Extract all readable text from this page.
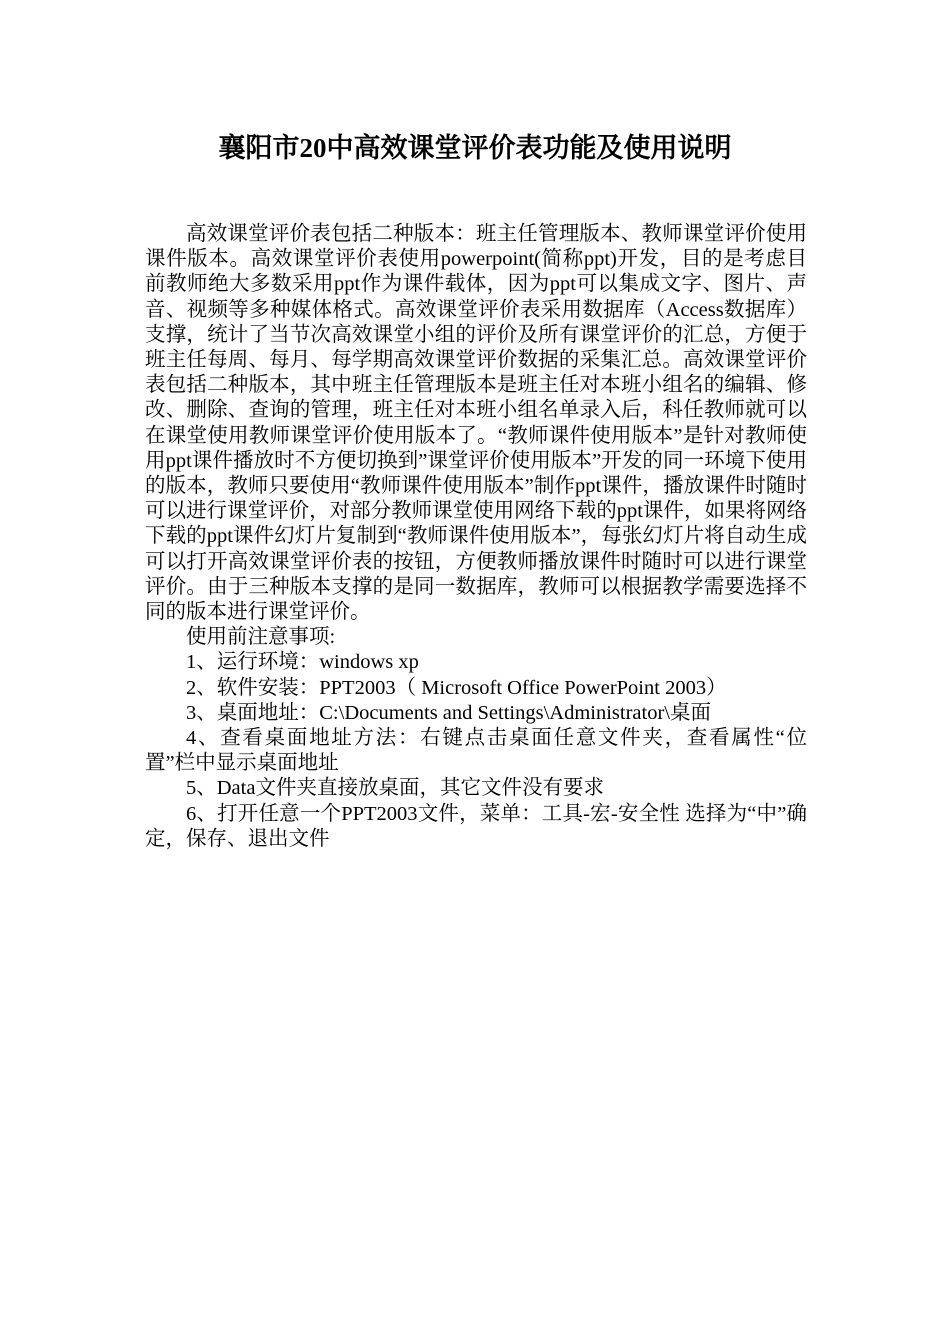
襄阳市20中高效课堂评价表功能及使用说明

高效课堂评价表包括二种版本：班主任管理版本、教师课堂评价使用课件版本。高效课堂评价表使用powerpoint(简称ppt)开发，目的是考虑目前教师绝大多数采用ppt作为课件载体，因为ppt可以集成文字、图片、声音、视频等多种媒体格式。高效课堂评价表采用数据库（Access数据库）支撑，统计了当节次高效课堂小组的评价及所有课堂评价的汇总，方便于班主任每周、每月、每学期高效课堂评价数据的采集汇总。高效课堂评价表包括二种版本，其中班主任管理版本是班主任对本班小组名的编辑、修改、删除、查询的管理，班主任对本班小组名单录入后，科任教师就可以在课堂使用教师课堂评价使用版本了。“教师课件使用版本”是针对教师使用ppt课件播放时不方便切换到”课堂评价使用版本”开发的同一环境下使用的版本，教师只要使用“教师课件使用版本”制作ppt课件，播放课件时随时可以进行课堂评价，对部分教师课堂使用网络下载的ppt课件，如果将网络下载的ppt课件幻灯片复制到“教师课件使用版本”，每张幻灯片将自动生成可以打开高效课堂评价表的按钮，方便教师播放课件时随时可以进行课堂评价。由于三种版本支撑的是同一数据库，教师可以根据教学需要选择不同的版本进行课堂评价。

使用前注意事项:

1、运行环境：windows xp

2、软件安装：PPT2003（ Microsoft Office PowerPoint 2003）

3、桌面地址：C:\Documents and Settings\Administrator\桌面

4、查看桌面地址方法：右键点击桌面任意文件夹，查看属性“位置”栏中显示桌面地址

5、Data文件夹直接放桌面，其它文件没有要求

6、打开任意一个PPT2003文件，菜单：工具-宏-安全性 选择为“中”确定，保存、退出文件
